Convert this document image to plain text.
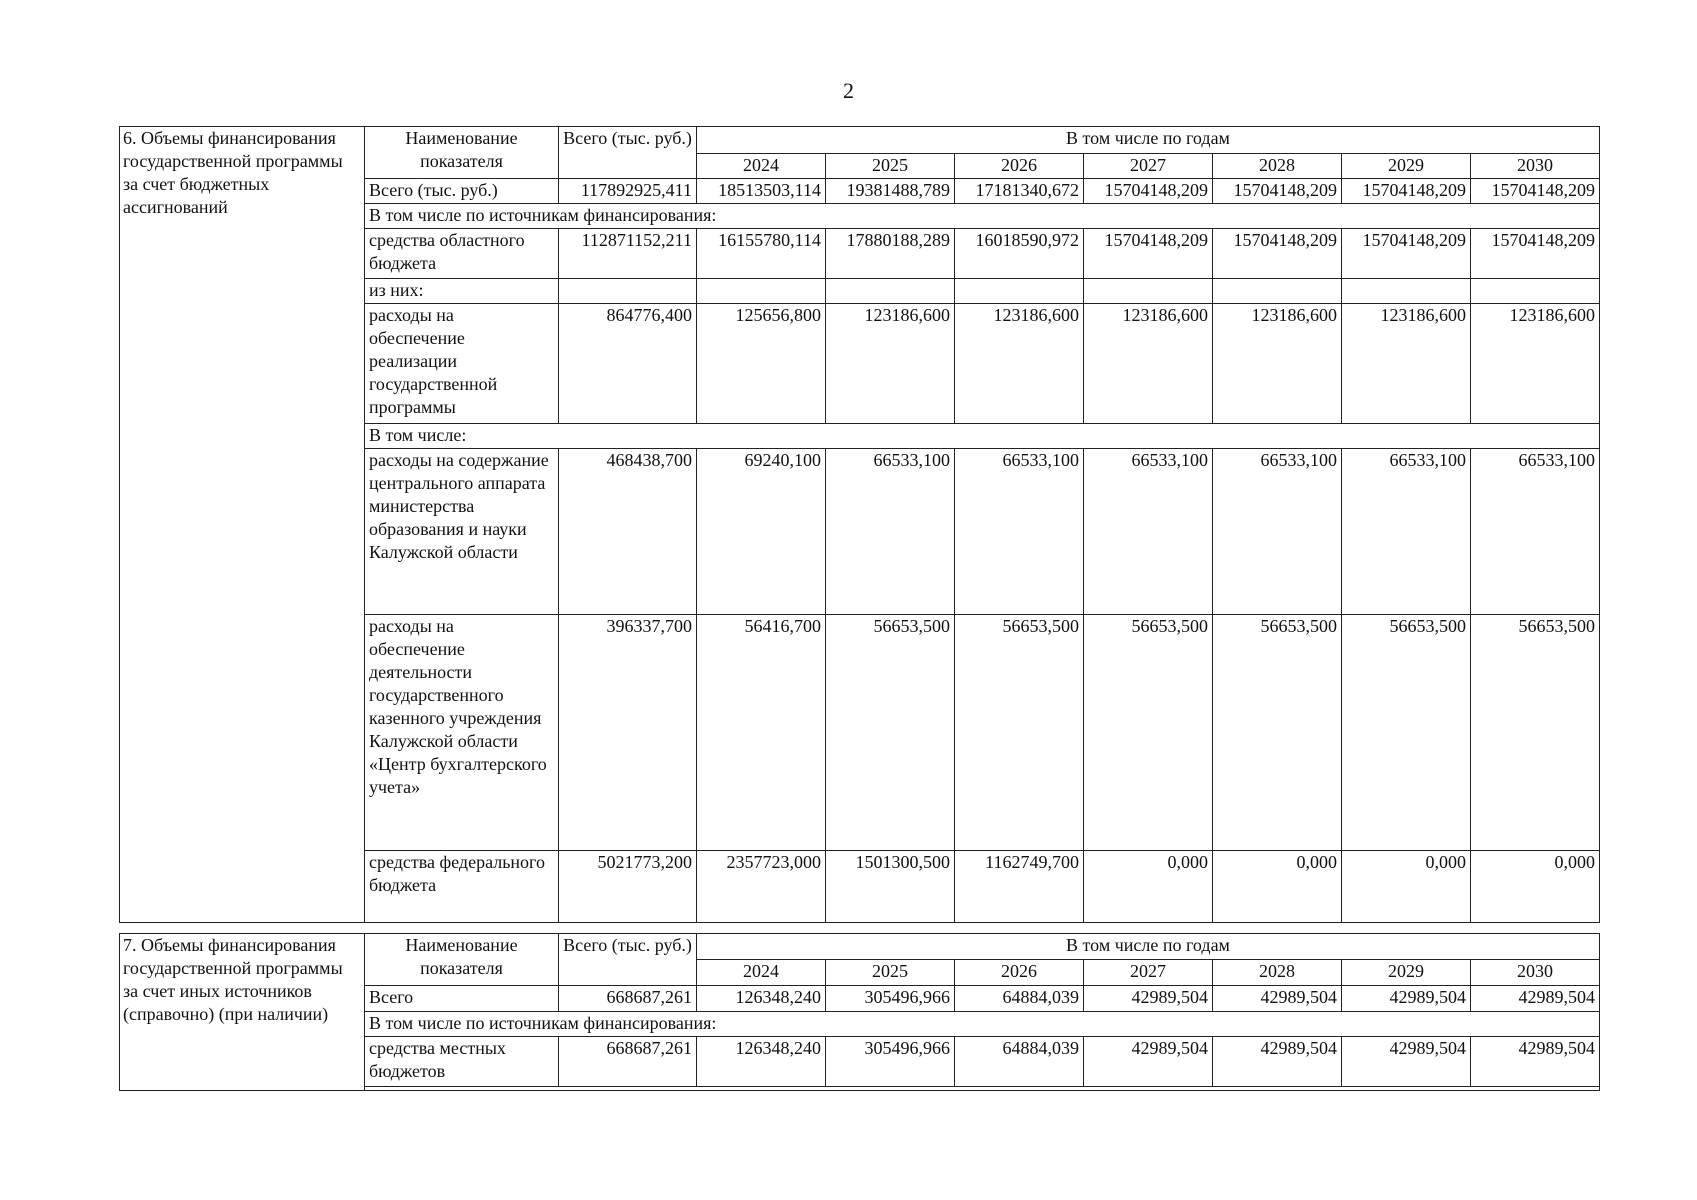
2
6. Объемы финансирования государственной программы за счет бюджетных ассигнований	Наименование показателя	Всего (тыс. руб.)	В том числе по годам						
			2024	2025	2026	2027	2028	2029	2030
	Всего (тыс. руб.)	117892925,411	18513503,114	19381488,789	17181340,672	15704148,209	15704148,209	15704148,209	15704148,209
	В том числе по источникам финансирования:								
	средства областного бюджета	112871152,211	16155780,114	17880188,289	16018590,972	15704148,209	15704148,209	15704148,209	15704148,209
	из них:								
	расходы на обеспечение реализации государственной программы	864776,400	125656,800	123186,600	123186,600	123186,600	123186,600	123186,600	123186,600
	В том числе:								
	расходы на содержание центрального аппарата министерства образования и науки Калужской области	468438,700	69240,100	66533,100	66533,100	66533,100	66533,100	66533,100	66533,100
	расходы на обеспечение деятельности государственного казенного учреждения Калужской области «Центр бухгалтерского учета»	396337,700	56416,700	56653,500	56653,500	56653,500	56653,500	56653,500	56653,500
	средства федерального бюджета	5021773,200	2357723,000	1501300,500	1162749,700	0,000	0,000	0,000	0,000
7. Объемы финансирования государственной программы за счет иных источников (справочно) (при наличии)	Наименование показателя	Всего (тыс. руб.)	В том числе по годам						
			2024	2025	2026	2027	2028	2029	2030
	Всего	668687,261	126348,240	305496,966	64884,039	42989,504	42989,504	42989,504	42989,504
	В том числе по источникам финансирования:								
	средства местных бюджетов	668687,261	126348,240	305496,966	64884,039	42989,504	42989,504	42989,504	42989,504
